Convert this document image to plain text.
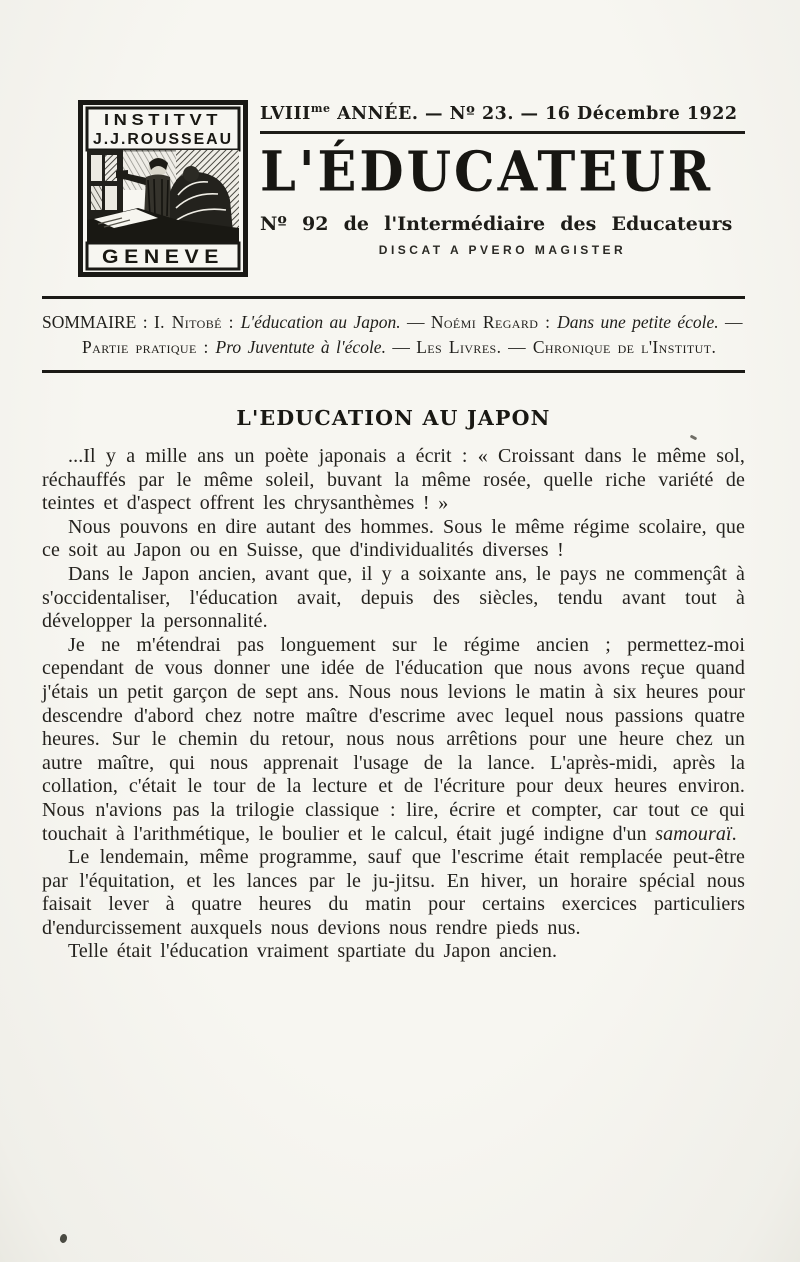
INSTITVT
J.J.ROUSSEAU
GENEVE
$LVIII^{me}$ ANNÉE. — Nº 23. — 16 Décembre 1922
L'ÉDUCATEUR
Nº 92 de l'Intermédiaire des Educateurs
DISCAT A PVERO MAGISTER

SOMMAIRE : I. Nitobé : L'éducation au Japon. — Noémi Regard : Dans une petite école. — Partie pratique : Pro Juventute à l'école. — Les Livres. — Chronique de l'Institut.

L'EDUCATION AU JAPON

...Il y a mille ans un poète japonais a écrit : « Croissant dans le même sol, réchauffés par le même soleil, buvant la même rosée, quelle riche variété de teintes et d'aspect offrent les chrysanthèmes ! »

Nous pouvons en dire autant des hommes. Sous le même régime scolaire, que ce soit au Japon ou en Suisse, que d'individualités diverses !

Dans le Japon ancien, avant que, il y a soixante ans, le pays ne commençât à s'occidentaliser, l'éducation avait, depuis des siècles, tendu avant tout à développer la personnalité.

Je ne m'étendrai pas longuement sur le régime ancien ; permettez-moi cependant de vous donner une idée de l'éducation que nous avons reçue quand j'étais un petit garçon de sept ans. Nous nous levions le matin à six heures pour descendre d'abord chez notre maître d'escrime avec lequel nous passions quatre heures. Sur le chemin du retour, nous nous arrêtions pour une heure chez un autre maître, qui nous apprenait l'usage de la lance. L'après-midi, après la collation, c'était le tour de la lecture et de l'écriture pour deux heures environ. Nous n'avions pas la trilogie classique : lire, écrire et compter, car tout ce qui touchait à l'arithmétique, le boulier et le calcul, était jugé indigne d'un samouraï.

Le lendemain, même programme, sauf que l'escrime était remplacée peut-être par l'équitation, et les lances par le ju-jitsu. En hiver, un horaire spécial nous faisait lever à quatre heures du matin pour certains exercices particuliers d'endurcissement auxquels nous devions nous rendre pieds nus.

Telle était l'éducation vraiment spartiate du Japon ancien.
